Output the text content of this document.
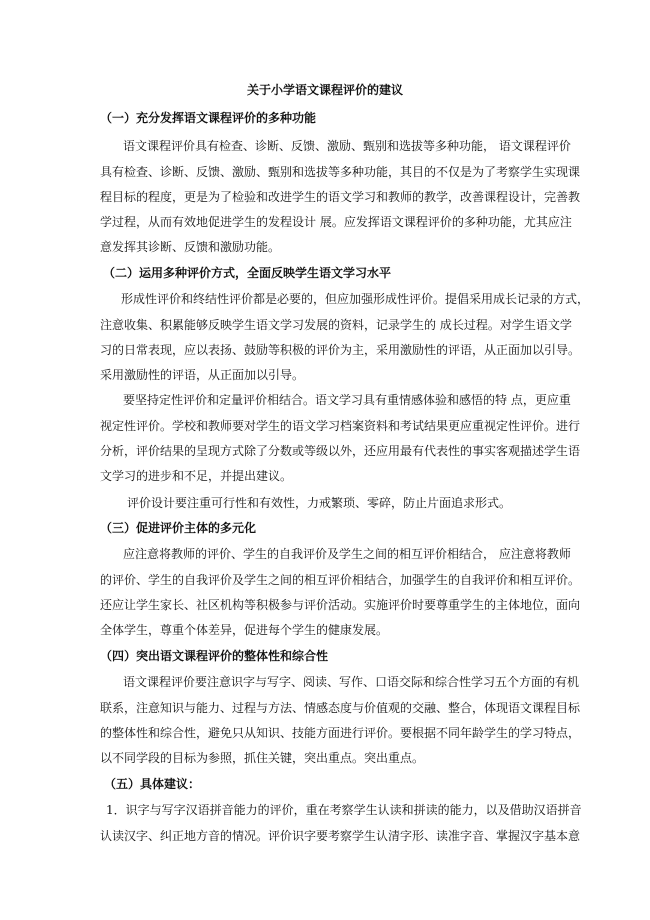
关于小学语文课程评价的建议

（一）充分发挥语文课程评价的多种功能

语文课程评价具有检查、诊断、反馈、激励、甄别和选拔等多种功能， 语文课程评价

具有检查、诊断、反馈、激励、甄别和选拔等多种功能，其目的不仅是为了考察学生实现课

程目标的程度，更是为了检验和改进学生的语文学习和教师的教学，改善课程设计，完善教

学过程，从而有效地促进学生的发程设计 展。应发挥语文课程评价的多种功能，尤其应注

意发挥其诊断、反馈和激励功能。

（二）运用多种评价方式，全面反映学生语文学习水平

形成性评价和终结性评价都是必要的，但应加强形成性评价。提倡采用成长记录的方式，

注意收集、积累能够反映学生语文学习发展的资料，记录学生的 成长过程。对学生语文学

习的日常表现，应以表扬、鼓励等积极的评价为主，采用激励性的评语，从正面加以引导。

采用激励性的评语，从正面加以引导。

要坚持定性评价和定量评价相结合。语文学习具有重情感体验和感悟的特 点，更应重

视定性评价。学校和教师要对学生的语文学习档案资料和考试结果更应重视定性评价。进行

分析，评价结果的呈现方式除了分数或等级以外，还应用最有代表性的事实客观描述学生语

文学习的进步和不足，并提出建议。

评价设计要注重可行性和有效性，力戒繁琐、零碎，防止片面追求形式。

（三）促进评价主体的多元化

应注意将教师的评价、学生的自我评价及学生之间的相互评价相结合， 应注意将教师

的评价、学生的自我评价及学生之间的相互评价相结合，加强学生的自我评价和相互评价。

还应让学生家长、社区机构等积极参与评价活动。实施评价时要尊重学生的主体地位，面向

全体学生，尊重个体差异，促进每个学生的健康发展。

（四）突出语文课程评价的整体性和综合性

语文课程评价要注意识字与写字、阅读、写作、口语交际和综合性学习五个方面的有机

联系，注意知识与能力、过程与方法、情感态度与价值观的交融、整合，体现语文课程目标

的整体性和综合性，避免只从知识、技能方面进行评价。要根据不同年龄学生的学习特点，

以不同学段的目标为参照，抓住关键，突出重点。突出重点。

（五）具体建议：

1．识字与写字汉语拼音能力的评价，重在考察学生认读和拼读的能力，以及借助汉语拼音

认读汉字、纠正地方音的情况。评价识字要考察学生认清字形、读准字音、掌握汉字基本意
